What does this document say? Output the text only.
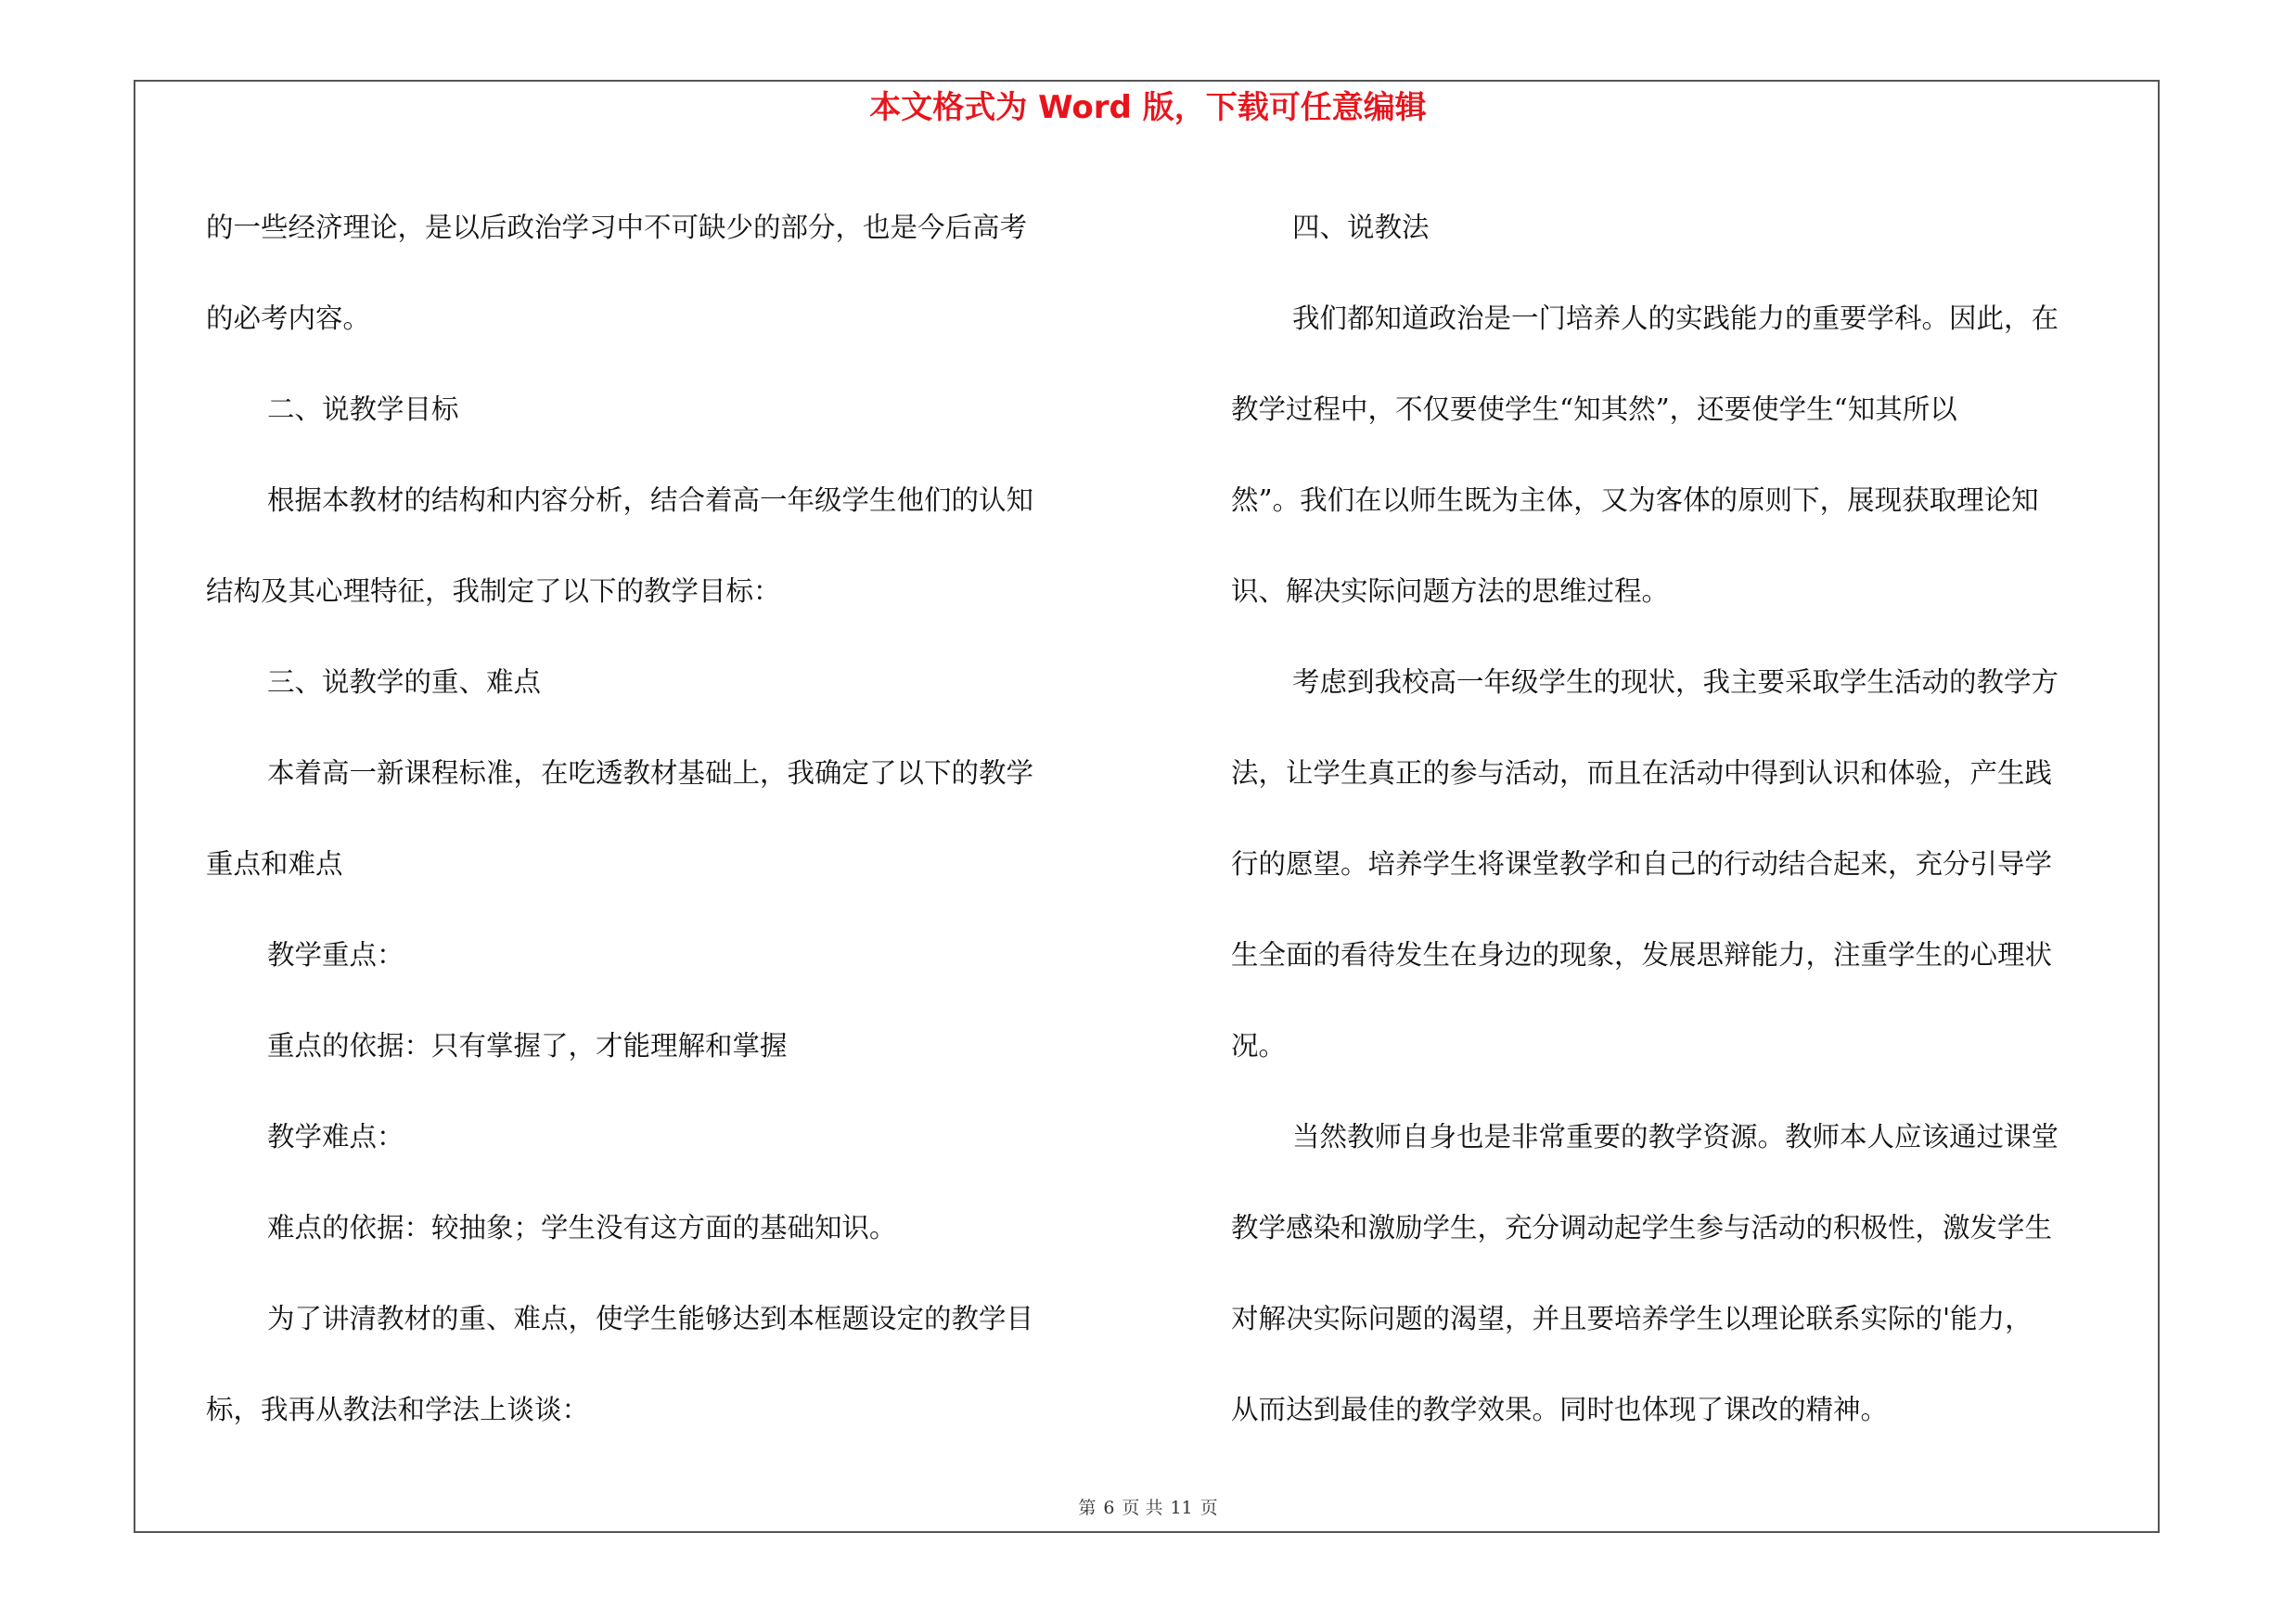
本文格式为 Word 版，下载可任意编辑
的一些经济理论，是以后政治学习中不可缺少的部分，也是今后高考
的必考内容。
二、说教学目标
根据本教材的结构和内容分析，结合着高一年级学生他们的认知
结构及其心理特征，我制定了以下的教学目标：
三、说教学的重、难点
本着高一新课程标准，在吃透教材基础上，我确定了以下的教学
重点和难点
教学重点：
重点的依据：只有掌握了，才能理解和掌握
教学难点：
难点的依据：较抽象；学生没有这方面的基础知识。
为了讲清教材的重、难点，使学生能够达到本框题设定的教学目
标，我再从教法和学法上谈谈：
四、说教法
我们都知道政治是一门培养人的实践能力的重要学科。因此，在
教学过程中，不仅要使学生“知其然”，还要使学生“知其所以
然”。我们在以师生既为主体，又为客体的原则下，展现获取理论知
识、解决实际问题方法的思维过程。
考虑到我校高一年级学生的现状，我主要采取学生活动的教学方
法，让学生真正的参与活动，而且在活动中得到认识和体验，产生践
行的愿望。培养学生将课堂教学和自己的行动结合起来，充分引导学
生全面的看待发生在身边的现象，发展思辩能力，注重学生的心理状
况。
当然教师自身也是非常重要的教学资源。教师本人应该通过课堂
教学感染和激励学生，充分调动起学生参与活动的积极性，激发学生
对解决实际问题的渴望，并且要培养学生以理论联系实际的'能力，
从而达到最佳的教学效果。同时也体现了课改的精神。
第 6 页 共 11 页
